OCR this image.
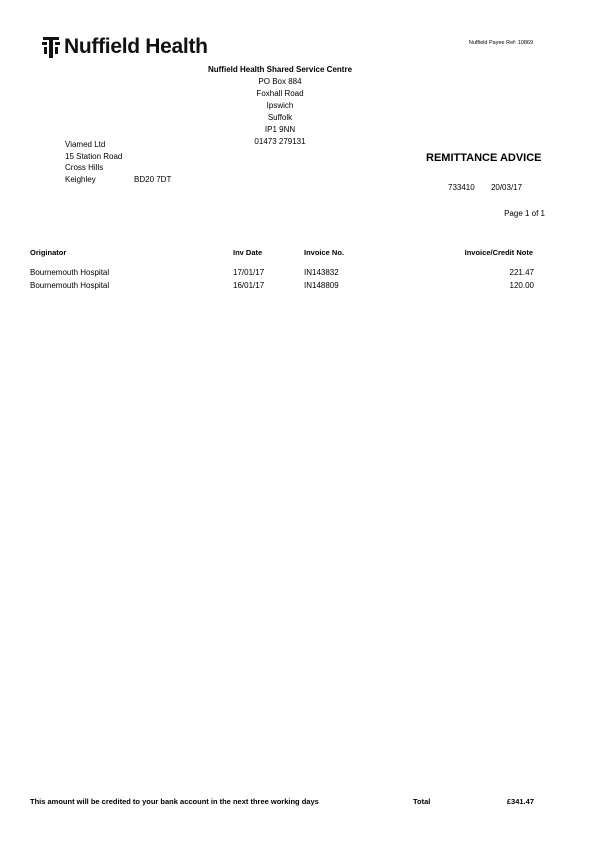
Nuffield Health	Nuffield Payee Ref: 10869
Nuffield Health Shared Service Centre
PO Box 884
Foxhall Road
Ipswich
Suffolk
IP1 9NN
01473 279131
Viamed Ltd
15 Station Road
Cross Hills
Keighley	BD20 7DT
REMITTANCE ADVICE
733410 20/03/17
Page 1 of 1
Originator	Inv Date	Invoice No.	Invoice/Credit Note
Bournemouth Hospital	17/01/17	IN143832	221.47
Bournemouth Hospital	16/01/17	IN148809	120.00
This amount will be credited to your bank account in the next three working days	Total	£341.47
